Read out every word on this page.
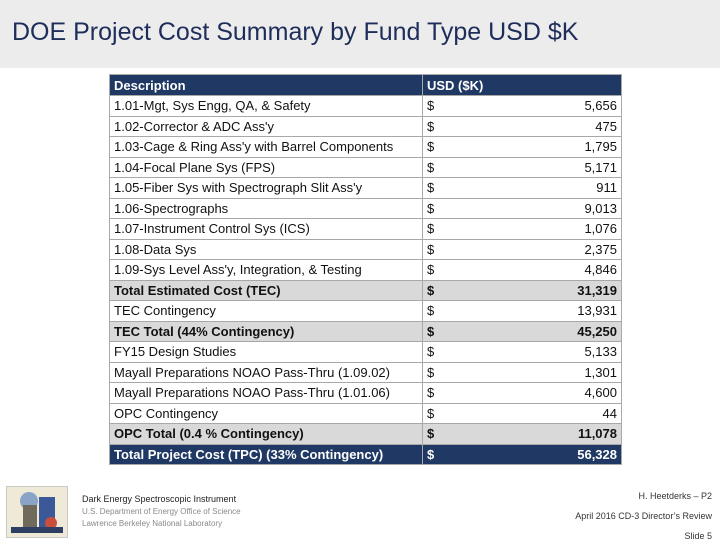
DOE Project Cost Summary by Fund Type USD $K
Description	USD ($K)	
1.01-Mgt, Sys Engg, QA, & Safety	$	5,656
1.02-Corrector & ADC Ass'y	$	475
1.03-Cage & Ring Ass'y with Barrel Components	$	1,795
1.04-Focal Plane Sys (FPS)	$	5,171
1.05-Fiber Sys with Spectrograph Slit Ass'y	$	911
1.06-Spectrographs	$	9,013
1.07-Instrument Control Sys (ICS)	$	1,076
1.08-Data Sys	$	2,375
1.09-Sys Level Ass'y, Integration, & Testing	$	4,846
Total Estimated Cost (TEC)	$	31,319
TEC Contingency	$	13,931
TEC Total (44% Contingency)	$	45,250
FY15 Design Studies	$	5,133
Mayall Preparations NOAO Pass-Thru (1.09.02)	$	1,301
Mayall Preparations NOAO Pass-Thru (1.01.06)	$	4,600
OPC Contingency	$	44
OPC Total (0.4 % Contingency)	$	11,078
Total Project Cost (TPC) (33% Contingency)	$	56,328
Dark Energy Spectroscopic Instrument
U.S. Department of Energy Office of Science
Lawrence Berkeley National Laboratory
H. Heetderks – P2
April 2016 CD-3 Director’s Review
Slide 5
